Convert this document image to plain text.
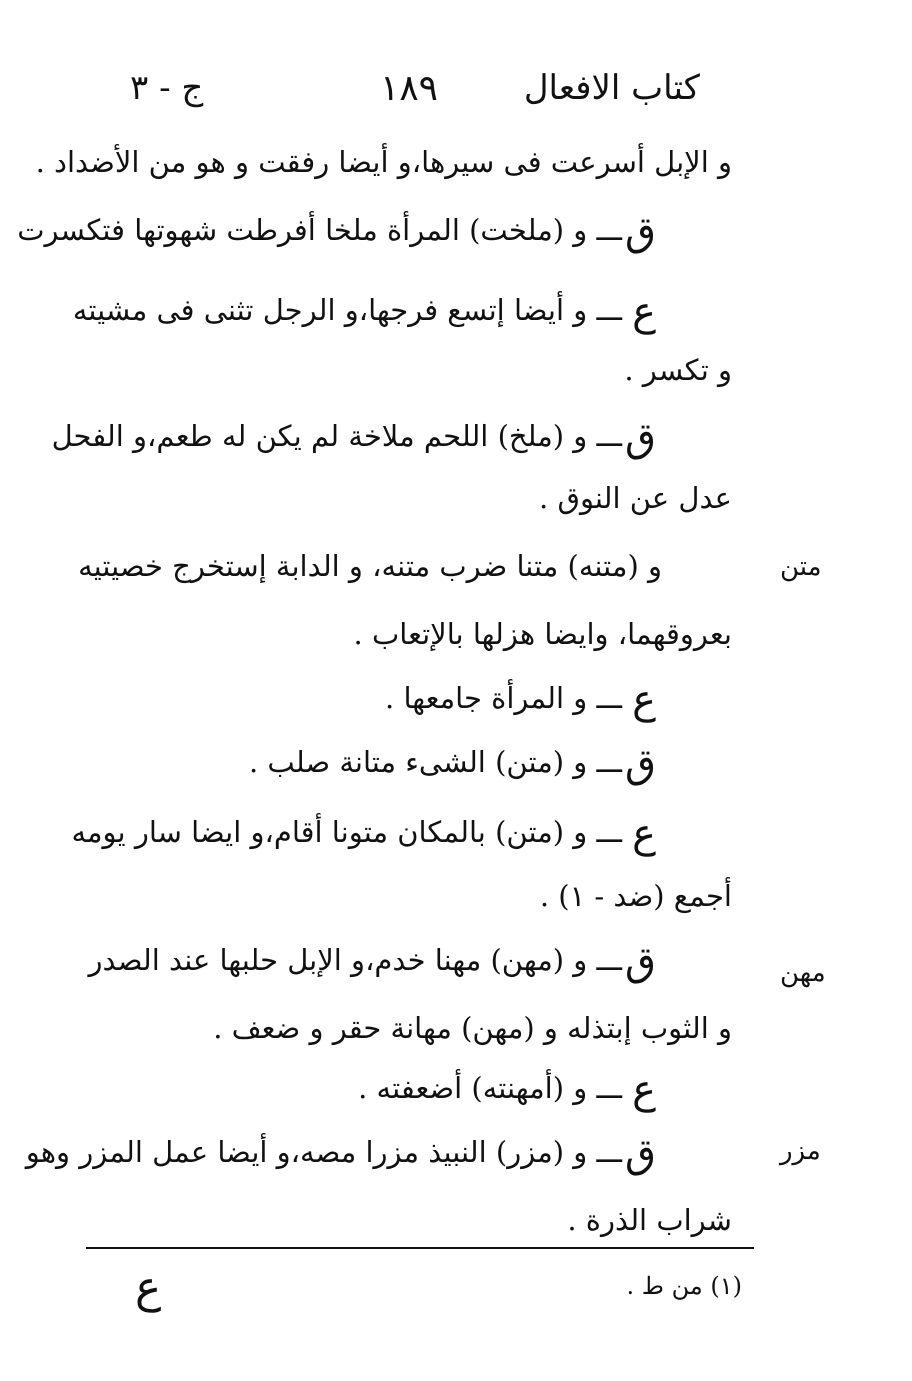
كتاب الافعال
١٨٩
ج - ٣
و الإبل أسرعت فى سيرها،و أيضا رفقت و هو من الأضداد .
ق
ـــ و (ملخت) المرأة ملخا أفرطت شهوتها فتكسرت
ع
ـــ و أيضا إتسع فرجها،و الرجل تثنى فى مشيته
و تكسر .
ق
ـــ و (ملخ) اللحم ملاخة لم يكن له طعم،و الفحل
عدل عن النوق .
متن
و (متنه) متنا ضرب متنه، و الدابة إستخرج خصيتيه
بعروقهما، وايضا هزلها بالإتعاب .
ع
ـــ و المرأة جامعها .
ق
ـــ و (متن) الشىء متانة صلب .
ع
ـــ و (متن) بالمكان متونا أقام،و ايضا سار يومه
أجمع (ضد - ١) .
مهن
ق
ـــ و (مهن) مهنا خدم،و الإبل حلبها عند الصدر
و الثوب إبتذله و (مهن) مهانة حقر و ضعف .
ع
ـــ و (أمهنته) أضعفته .
مزر
ق
ـــ و (مزر) النبيذ مزرا مصه،و أيضا عمل المزر وهو
شراب الذرة .
(١) من ط .
ع
